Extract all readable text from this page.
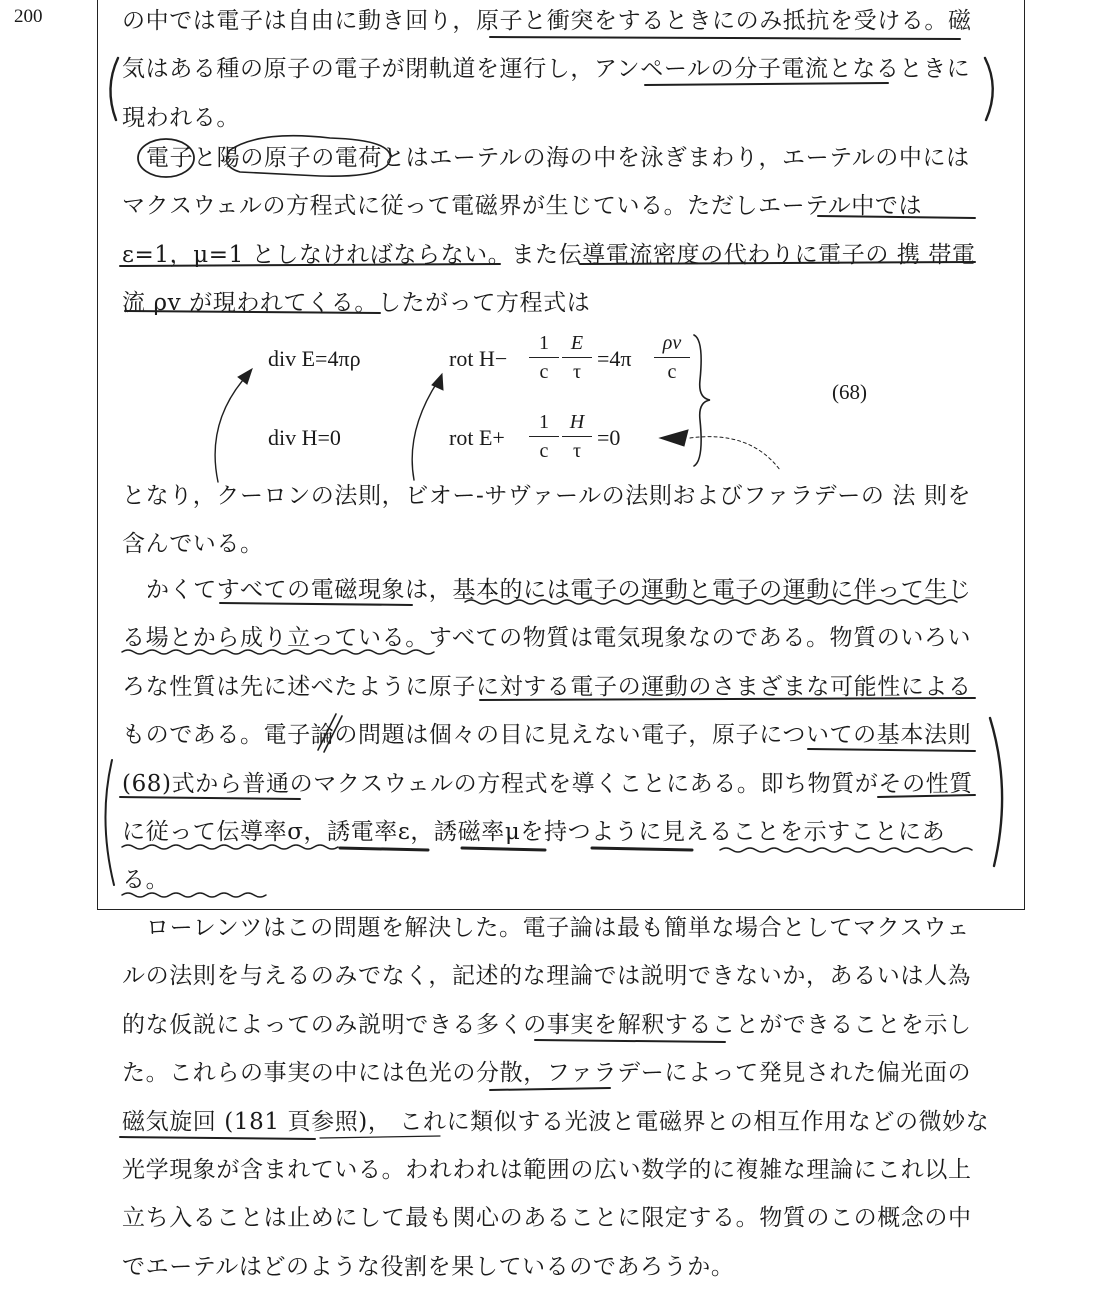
200	の中では電子は自由に動き回り，原子と衝突をするときにのみ抵抗を受ける。磁気はある種の原子の電子が閉軌道を運行し，アンペールの分子電流となるときに現われる。

電子と陽の原子の電荷とはエーテルの海の中を泳ぎまわり，エーテルの中にはマクスウェルの方程式に従って電磁界が生じている。ただしエーテル中ではε=1，μ=1 としなければならない。また伝導電流密度の代わりに電子の 携 帯電流 ρv が現われてくる。したがって方程式は

div E=4πρ	rot H−
1
c
E
τ
=4π
ρv
c
div H=0	rot E+
1
c
H
τ
=0
(68)

となり，クーロンの法則，ビオー-サヴァールの法則およびファラデーの 法 則を含んでいる。

かくてすべての電磁現象は，基本的には電子の運動と電子の運動に伴って生じる場とから成り立っている。すべての物質は電気現象なのである。物質のいろいろな性質は先に述べたように原子に対する電子の運動のさまざまな可能性によるものである。電子論の問題は個々の目に見えない電子，原子についての基本法則(68)式から普通のマクスウェルの方程式を導くことにある。即ち物質がその性質に従って伝導率σ，誘電率ε，誘磁率μを持つように見えることを示すことにある。

ローレンツはこの問題を解決した。電子論は最も簡単な場合としてマクスウェルの法則を与えるのみでなく，記述的な理論では説明できないか，あるいは人為的な仮説によってのみ説明できる多くの事実を解釈することができることを示した。これらの事実の中には色光の分散，ファラデーによって発見された偏光面の磁気旋回 (181 頁参照)， これに類似する光波と電磁界との相互作用などの微妙な光学現象が含まれている。われわれは範囲の広い数学的に複雑な理論にこれ以上立ち入ることは止めにして最も関心のあることに限定する。物質のこの概念の中でエーテルはどのような役割を果しているのであろうか。
